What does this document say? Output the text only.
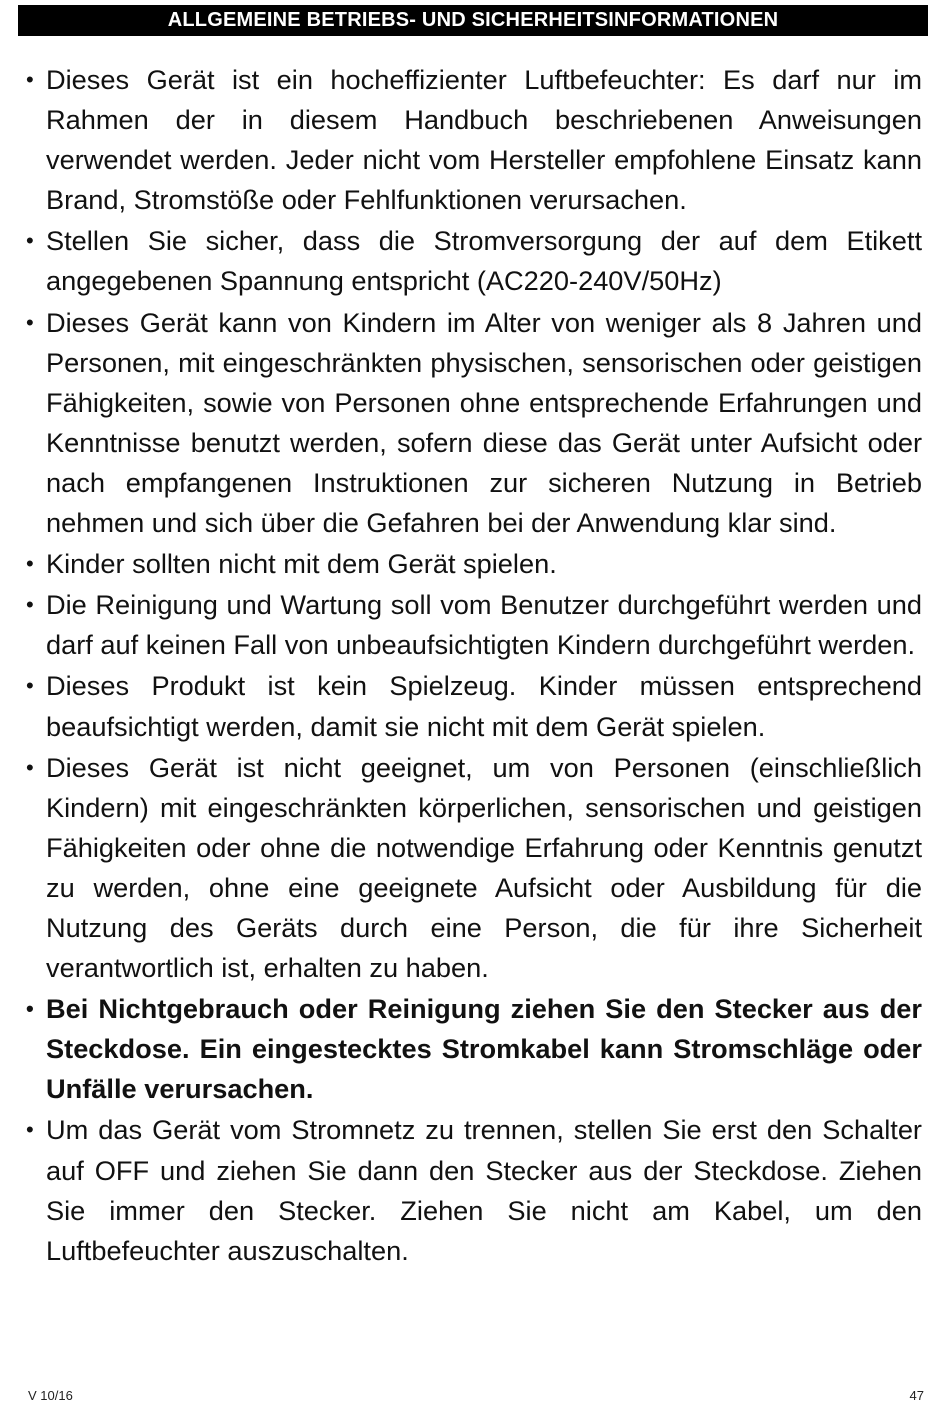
ALLGEMEINE BETRIEBS- UND SICHERHEITSINFORMATIONEN
• Dieses Gerät ist ein hocheffizienter Luftbefeuchter: Es darf nur im Rahmen der in diesem Handbuch beschriebenen Anweisungen verwendet werden. Jeder nicht vom Hersteller empfohlene Einsatz kann Brand, Stromstöße oder Fehlfunktionen verursachen.
• Stellen Sie sicher, dass die Stromversorgung der auf dem Etikett angegebenen Spannung entspricht (AC220-240V/50Hz)
• Dieses Gerät kann von Kindern im Alter von weniger als 8 Jahren und Personen, mit eingeschränkten physischen, sensorischen oder geistigen Fähigkeiten, sowie von Personen ohne entsprechende Erfahrungen und Kenntnisse benutzt werden, sofern diese das Gerät unter Aufsicht oder nach empfangenen Instruktionen zur sicheren Nutzung in Betrieb nehmen und sich über die Gefahren bei der Anwendung klar sind.
• Kinder sollten nicht mit dem Gerät spielen.
• Die Reinigung und Wartung soll vom Benutzer durchgeführt werden und darf auf keinen Fall von unbeaufsichtigten Kindern durchgeführt werden.
• Dieses Produkt ist kein Spielzeug. Kinder müssen entsprechend beaufsichtigt werden, damit sie nicht mit dem Gerät spielen.
• Dieses Gerät ist nicht geeignet, um von Personen (einschließlich Kindern) mit eingeschränkten körperlichen, sensorischen und geistigen Fähigkeiten oder ohne die notwendige Erfahrung oder Kenntnis genutzt zu werden, ohne eine geeignete Aufsicht oder Ausbildung für die Nutzung des Geräts durch eine Person, die für ihre Sicherheit verantwortlich ist, erhalten zu haben.
• Bei Nichtgebrauch oder Reinigung ziehen Sie den Stecker aus der Steckdose. Ein eingestecktes Stromkabel kann Stromschläge oder Unfälle verursachen.
• Um das Gerät vom Stromnetz zu trennen, stellen Sie erst den Schalter auf OFF und ziehen Sie dann den Stecker aus der Steckdose. Ziehen Sie immer den Stecker. Ziehen Sie nicht am Kabel, um den Luftbefeuchter auszuschalten.
V 10/16	47
